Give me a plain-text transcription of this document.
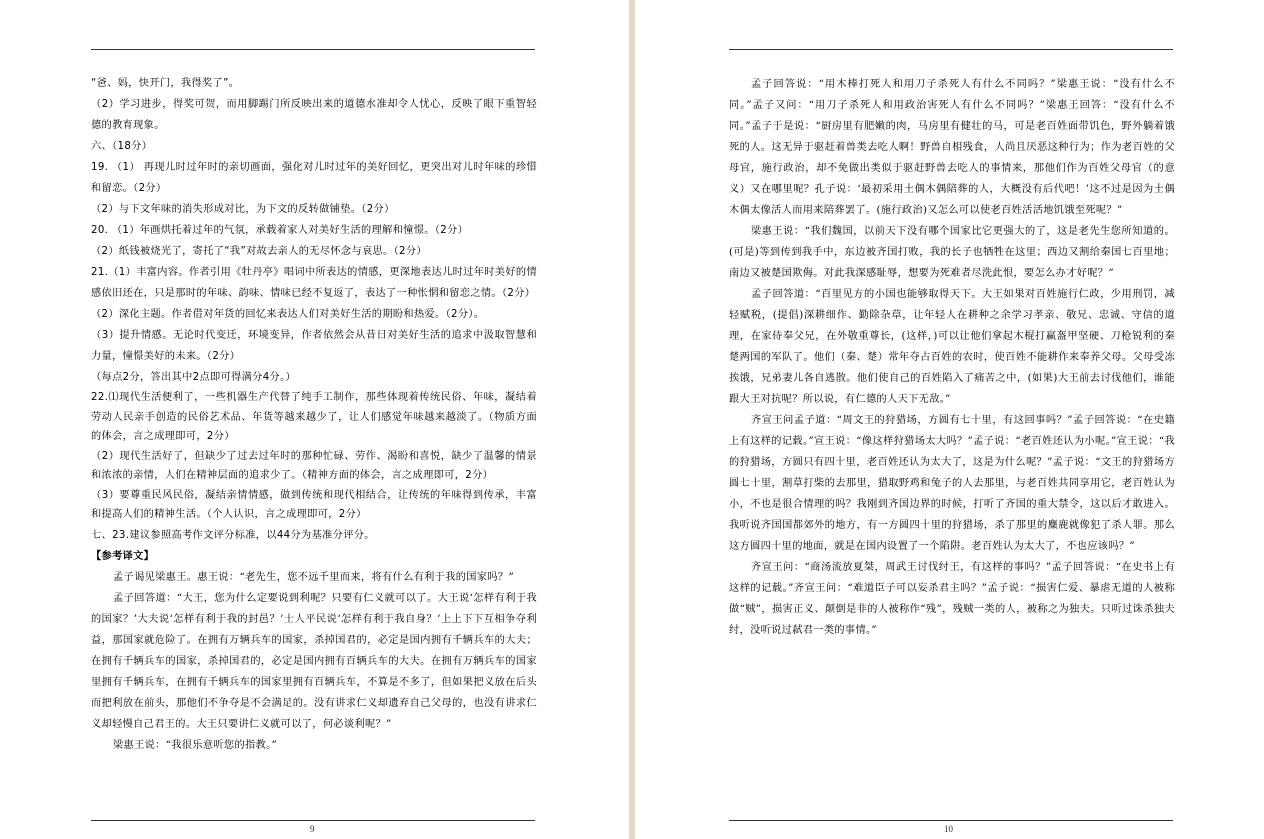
“爸、妈，快开门，我得奖了”。

（2）学习进步，得奖可贺，而用脚踢门所反映出来的道德水准却令人忧心，反映了眼下重智轻德的教育现象。

六、（18分）

19. （1） 再现儿时过年时的亲切画面，强化对儿时过年的美好回忆，更突出对儿时年味的珍惜和留恋。（2分）

（2）与下文年味的消失形成对比，为下文的反转做铺垫。（2分）

20. （1）年画烘托着过年的气氛，承载着家人对美好生活的理解和憧憬。（2分）

（2）纸钱被烧光了，寄托了“我”对故去亲人的无尽怀念与哀思。（2分）

21.（1）丰富内容。作者引用《牡丹亭》唱词中所表达的情感，更深地表达儿时过年时美好的情感依旧还在，只是那时的年味、韵味、情味已经不复返了，表达了一种怅惘和留恋之情。（2分）

（2）深化主题。作者借对年货的回忆来表达人们对美好生活的期盼和热爱。（2分）。

（3）提升情感。无论时代变迁，环境变异，作者依然会从昔日对美好生活的追求中汲取智慧和力量，憧憬美好的未来。（2分）

（每点2分，答出其中2点即可得满分4分。）

22.⑴现代生活便利了，一些机器生产代替了纯手工制作，那些体现着传统民俗、年味，凝结着劳动人民亲手创造的民俗艺术品、年货等越来越少了，让人们感觉年味越来越淡了。（物质方面的体会，言之成理即可，2分）

（2）现代生活好了，但缺少了过去过年时的那种忙碌、劳作、渴盼和喜悦，缺少了温馨的情景和浓浓的亲情，人们在精神层面的追求少了。（精神方面的体会，言之成理即可，2分）

（3）要尊重民风民俗，凝结亲情情感，做到传统和现代相结合，让传统的年味得到传承，丰富和提高人们的精神生活。（个人认识，言之成理即可，2分）

七、23.建议参照高考作文评分标准，以44分为基准分评分。

【参考译文】

孟子谒见梁惠王。惠王说：“老先生，您不远千里而来，将有什么有利于我的国家吗？”

孟子回答道：“大王，您为什么定要说到利呢？只要有仁义就可以了。大王说‘怎样有利于我的国家？’大夫说‘怎样有利于我的封邑？’士人平民说‘怎样有利于我自身？’上上下下互相争夺利益，那国家就危险了。在拥有万辆兵车的国家，杀掉国君的，必定是国内拥有千辆兵车的大夫；在拥有千辆兵车的国家，杀掉国君的，必定是国内拥有百辆兵车的大夫。在拥有万辆兵车的国家里拥有千辆兵车，在拥有千辆兵车的国家里拥有百辆兵车，不算是不多了，但如果把义放在后头而把利放在前头，那他们不争夺是不会满足的。没有讲求仁义却遗弃自己父母的，也没有讲求仁义却轻慢自己君王的。大王只要讲仁义就可以了，何必谈利呢？”

梁惠王说：“我很乐意听您的指教。”

9

孟子回答说：“用木棒打死人和用刀子杀死人有什么不同吗？”梁惠王说：“没有什么不同。”孟子又问：“用刀子杀死人和用政治害死人有什么不同吗？”梁惠王回答：“没有什么不同。”孟子于是说：“厨房里有肥嫩的肉，马房里有健壮的马，可是老百姓面带饥色，野外躺着饿死的人。这无异于驱赶着兽类去吃人啊！野兽自相残食，人尚且厌恶这种行为；作为老百姓的父母官，施行政治，却不免做出类似于驱赶野兽去吃人的事情来，那他们作为百姓父母官（的意义）又在哪里呢？孔子说：‘最初采用土偶木偶陪葬的人，大概没有后代吧！’这不过是因为土偶木偶太像活人而用来陪葬罢了。(施行政治)又怎么可以使老百姓活活地饥饿至死呢？”

梁惠王说：“我们魏国，以前天下没有哪个国家比它更强大的了，这是老先生您所知道的。(可是)等到传到我手中，东边被齐国打败，我的长子也牺牲在这里；西边又割给秦国七百里地；南边又被楚国欺侮。对此我深感耻辱，想要为死难者尽洗此恨，要怎么办才好呢？”

孟子回答道：“百里见方的小国也能够取得天下。大王如果对百姓施行仁政，少用刑罚，减轻赋税，(提倡)深耕细作、勤除杂草，让年轻人在耕种之余学习孝亲、敬兄、忠诚、守信的道理，在家侍奉父兄，在外敬重尊长，(这样，)可以让他们拿起木棍打赢盔甲坚硬、刀枪锐利的秦楚两国的军队了。他们（秦、楚）常年夺占百姓的农时，使百姓不能耕作来奉养父母。父母受冻挨饿，兄弟妻儿各自逃散。他们使自己的百姓陷入了痛苦之中，(如果)大王前去讨伐他们，谁能跟大王对抗呢？所以说，有仁德的人天下无敌。”

齐宣王问孟子道：“周文王的狩猎场，方圆有七十里，有这回事吗？”孟子回答说：“在史籍上有这样的记载。”宣王说：“像这样狩猎场太大吗？”孟子说：“老百姓还认为小呢。”宣王说：“我的狩猎场，方圆只有四十里，老百姓还认为太大了，这是为什么呢？”孟子说：“文王的狩猎场方圆七十里，割草打柴的去那里，猎取野鸡和兔子的人去那里，与老百姓共同享用它，老百姓认为小，不也是很合情理的吗？我刚到齐国边界的时候，打听了齐国的重大禁令，这以后才敢进入。我听说齐国国都郊外的地方，有一方圆四十里的狩猎场，杀了那里的麋鹿就像犯了杀人罪。那么这方圆四十里的地面，就是在国内设置了一个陷阱。老百姓认为太大了，不也应该吗？”

齐宣王问：“商汤流放夏桀，周武王讨伐纣王，有这样的事吗？”孟子回答说：“在史书上有这样的记载。”齐宣王问：“难道臣子可以妄杀君主吗？”孟子说：“损害仁爱、暴虐无道的人被称做“贼”，损害正义、颠倒是非的人被称作“残”，残贼一类的人，被称之为独夫。只听过诛杀独夫纣，没听说过弑君一类的事情。”

10
